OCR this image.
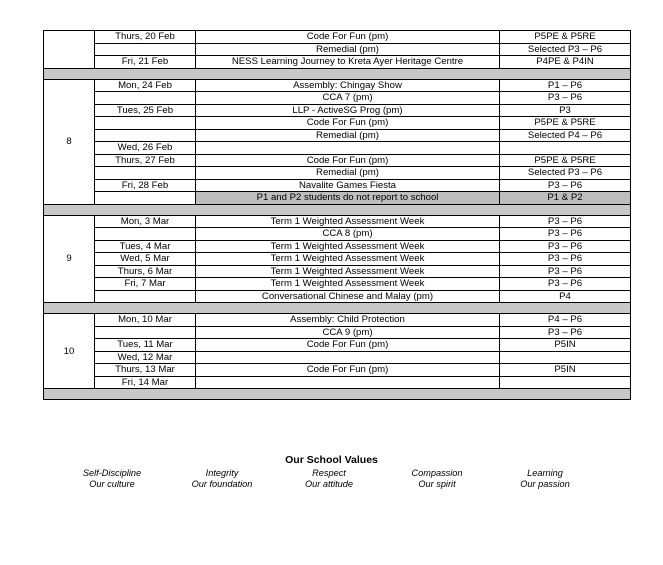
	Thurs, 20 Feb	Code For Fun (pm)	P5PE & P5RE
		Remedial (pm)	Selected P3 – P6
	Fri, 21 Feb	NESS Learning Journey to Kreta Ayer Heritage Centre	P4PE & P4IN

8	Mon, 24 Feb	Assembly: Chingay Show	P1 – P6
		CCA 7 (pm)	P3 – P6
	Tues, 25 Feb	LLP - ActiveSG Prog (pm)	P3
		Code For Fun (pm)	P5PE & P5RE
		Remedial (pm)	Selected P4 – P6
	Wed, 26 Feb		
	Thurs, 27 Feb	Code For Fun (pm)	P5PE & P5RE
		Remedial (pm)	Selected P3 – P6
	Fri, 28 Feb	Navalite Games Fiesta	P3 – P6
		P1 and P2 students do not report to school	P1 & P2

9	Mon, 3 Mar	Term 1 Weighted Assessment Week	P3 – P6
		CCA 8 (pm)	P3 – P6
	Tues, 4 Mar	Term 1 Weighted Assessment Week	P3 – P6
	Wed, 5 Mar	Term 1 Weighted Assessment Week	P3 – P6
	Thurs, 6 Mar	Term 1 Weighted Assessment Week	P3 – P6
	Fri, 7 Mar	Term 1 Weighted Assessment Week	P3 – P6
		Conversational Chinese and Malay (pm)	P4

10	Mon, 10 Mar	Assembly: Child Protection	P4 – P6
		CCA 9 (pm)	P3 – P6
	Tues, 11 Mar	Code For Fun (pm)	P5IN
	Wed, 12 Mar		
	Thurs, 13 Mar	Code For Fun (pm)	P5IN
	Fri, 14 Mar		

Our School Values
Self-Discipline
Our culture
Integrity
Our foundation
Respect
Our attitude
Compassion
Our spirit
Learning
Our passion
